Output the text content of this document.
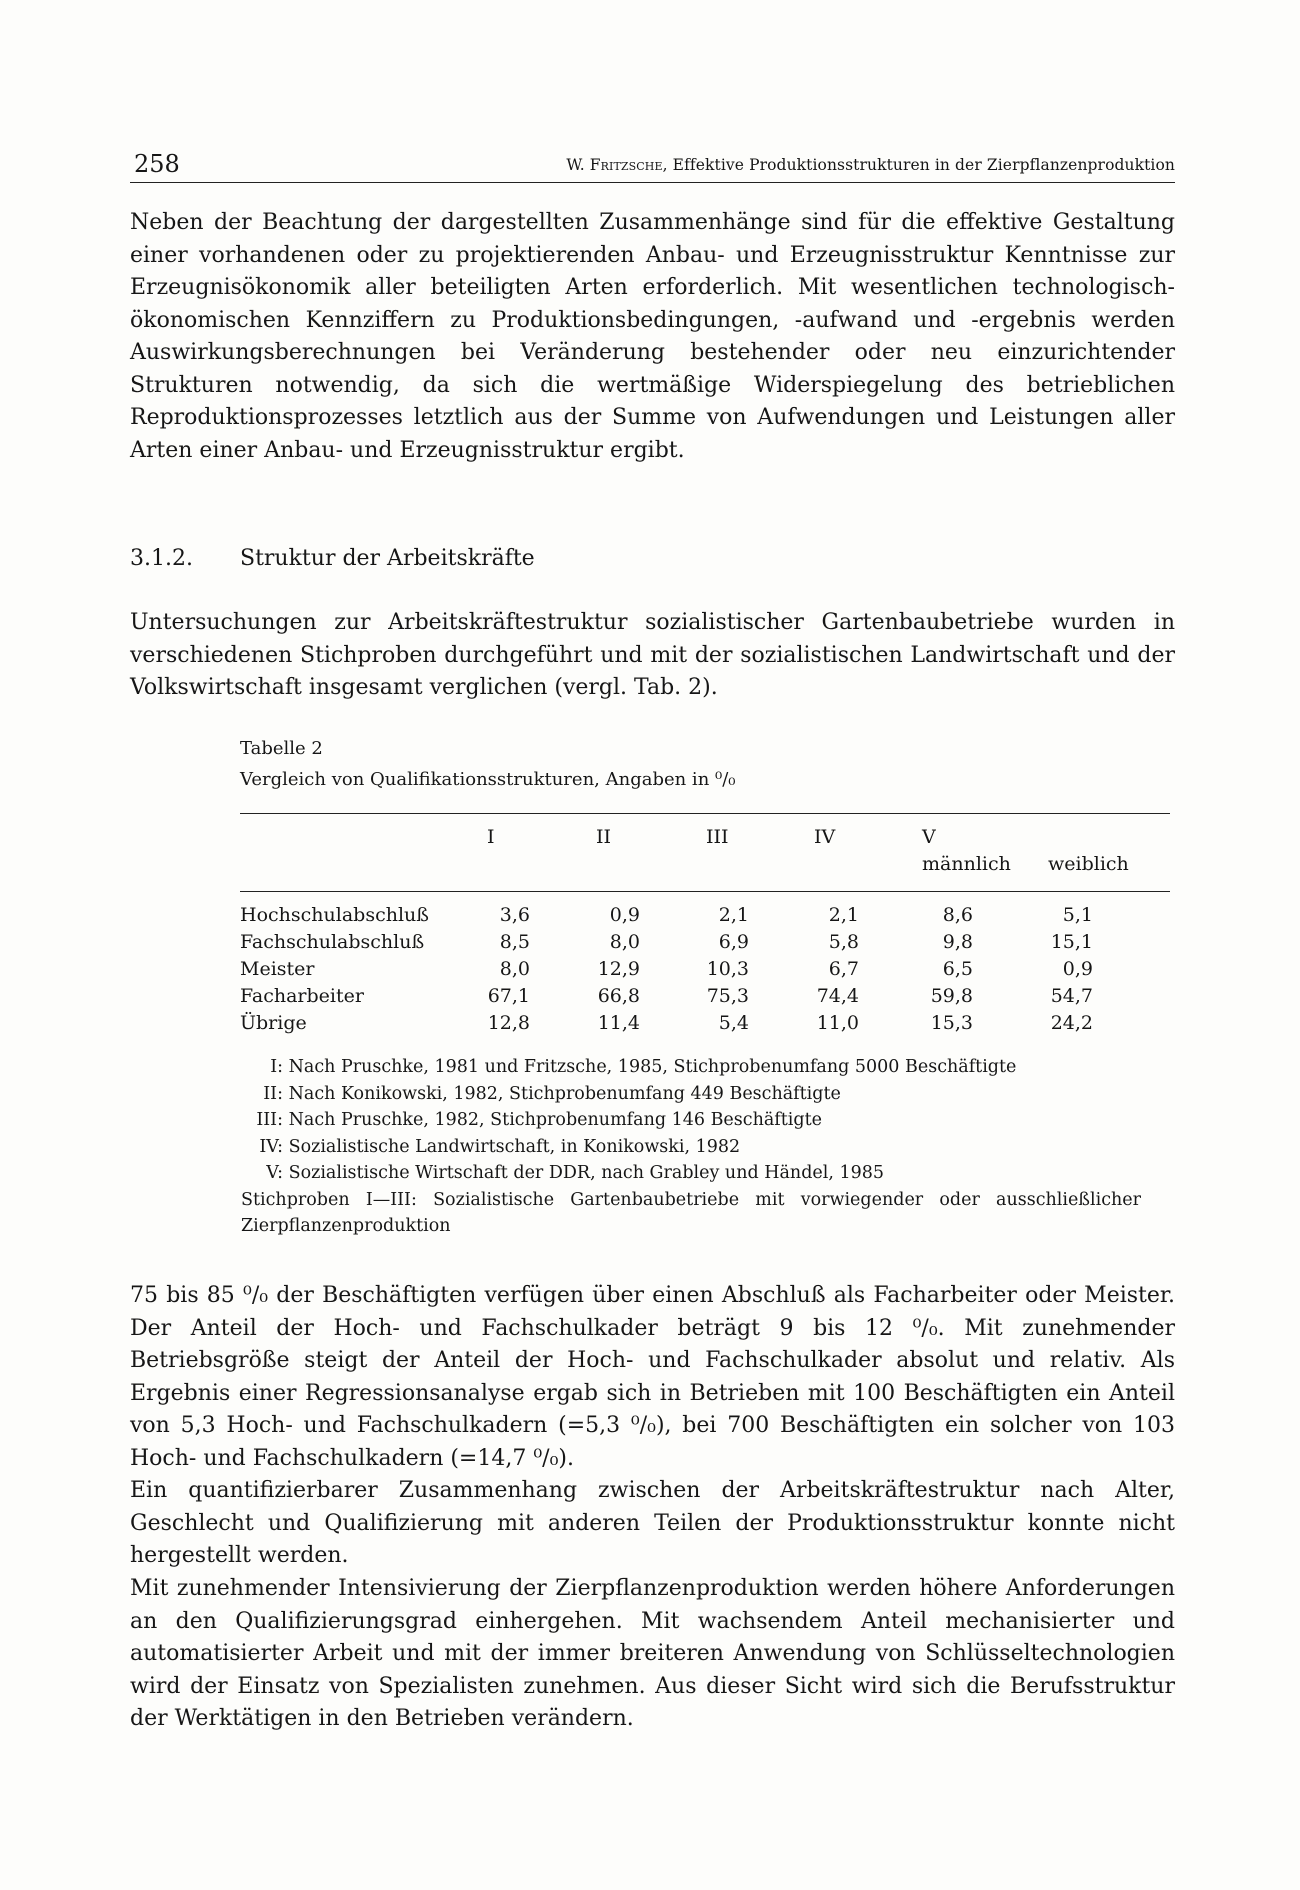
258	W. Fritzsche, Effektive Produktionsstrukturen in der Zierpflanzenproduktion

Neben der Beachtung der dargestellten Zusammenhänge sind für die effektive Gestaltung einer vorhandenen oder zu projektierenden Anbau- und Erzeugnisstruktur Kenntnisse zur Erzeugnisökonomik aller beteiligten Arten erforderlich. Mit wesentlichen technologisch-ökonomischen Kennziffern zu Produktionsbedingungen, -aufwand und -ergebnis werden Auswirkungsberechnungen bei Veränderung bestehender oder neu einzurichtender Strukturen notwendig, da sich die wertmäßige Widerspiegelung des betrieblichen Reproduktionsprozesses letztlich aus der Summe von Aufwendungen und Leistungen aller Arten einer Anbau- und Erzeugnisstruktur ergibt.

3.1.2. Struktur der Arbeitskräfte

Untersuchungen zur Arbeitskräftestruktur sozialistischer Gartenbaubetriebe wurden in verschiedenen Stichproben durchgeführt und mit der sozialistischen Landwirtschaft und der Volkswirtschaft insgesamt verglichen (vergl. Tab. 2).

Tabelle 2
Vergleich von Qualifikationsstrukturen, Angaben in ⁰/₀
I	II	III	IV	V
männlich weiblich
Hochschulabschluß	3,6	0,9	2,1	2,1	8,6	5,1
Fachschulabschluß	8,5	8,0	6,9	5,8	9,8	15,1
Meister	8,0	12,9	10,3	6,7	6,5	0,9
Facharbeiter	67,1	66,8	75,3	74,4	59,8	54,7
Übrige	12,8	11,4	5,4	11,0	15,3	24,2
I: Nach Pruschke, 1981 und Fritzsche, 1985, Stichprobenumfang 5000 Beschäftigte
II: Nach Konikowski, 1982, Stichprobenumfang 449 Beschäftigte
III: Nach Pruschke, 1982, Stichprobenumfang 146 Beschäftigte
IV: Sozialistische Landwirtschaft, in Konikowski, 1982
V: Sozialistische Wirtschaft der DDR, nach Grabley und Händel, 1985
Stichproben I—III: Sozialistische Gartenbaubetriebe mit vorwiegender oder ausschließlicher Zierpflanzenproduktion

75 bis 85 ⁰/₀ der Beschäftigten verfügen über einen Abschluß als Facharbeiter oder Meister. Der Anteil der Hoch- und Fachschulkader beträgt 9 bis 12 ⁰/₀. Mit zunehmender Betriebsgröße steigt der Anteil der Hoch- und Fachschulkader absolut und relativ. Als Ergebnis einer Regressionsanalyse ergab sich in Betrieben mit 100 Beschäftigten ein Anteil von 5,3 Hoch- und Fachschulkadern (=5,3 ⁰/₀), bei 700 Beschäftigten ein solcher von 103 Hoch- und Fachschulkadern (=14,7 ⁰/₀).

Ein quantifizierbarer Zusammenhang zwischen der Arbeitskräftestruktur nach Alter, Geschlecht und Qualifizierung mit anderen Teilen der Produktionsstruktur konnte nicht hergestellt werden.

Mit zunehmender Intensivierung der Zierpflanzenproduktion werden höhere Anforderungen an den Qualifizierungsgrad einhergehen. Mit wachsendem Anteil mechanisierter und automatisierter Arbeit und mit der immer breiteren Anwendung von Schlüsseltechnologien wird der Einsatz von Spezialisten zunehmen. Aus dieser Sicht wird sich die Berufsstruktur der Werktätigen in den Betrieben verändern.
